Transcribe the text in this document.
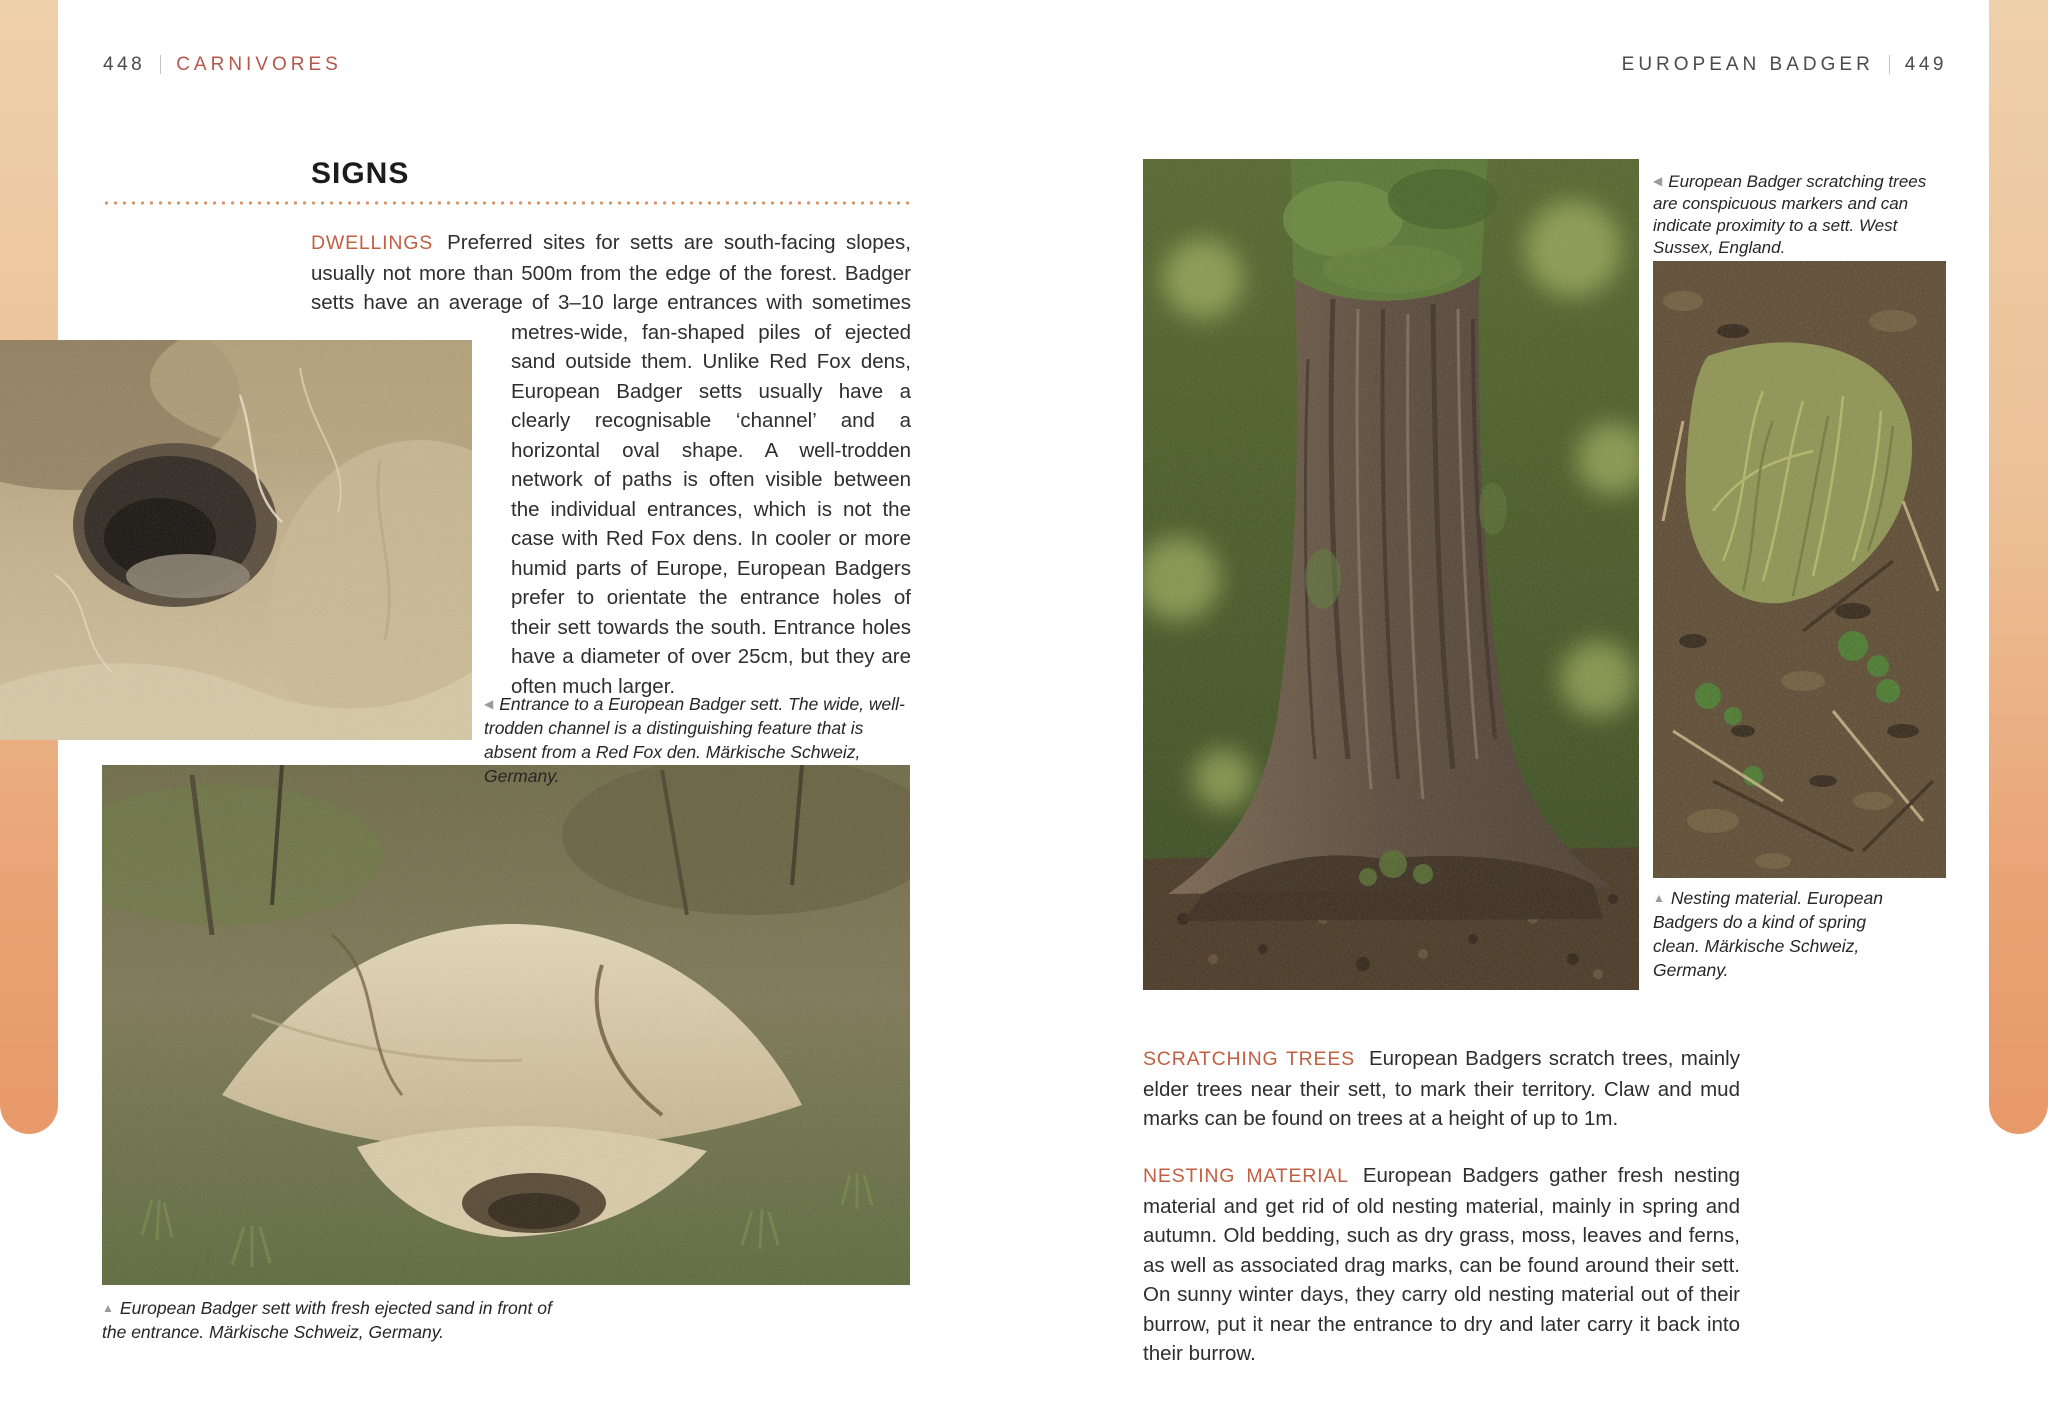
448 CARNIVORES	EUROPEAN BADGER 449
SIGNS

DWELLINGS Preferred sites for setts are south-facing slopes, usually not more than 500m from the edge of the forest. Badger setts have an average of 3–10 large entrances with sometimes metres-wide, fan-shaped piles of ejected sand outside them. Unlike Red Fox dens, European Badger setts usually have a clearly recognisable ‘channel’ and a horizontal oval shape. A well-trodden network of paths is often visible between the individual entrances, which is not the case with Red Fox dens. In cooler or more humid parts of Europe, European Badgers prefer to orientate the entrance holes of their sett towards the south. Entrance holes have a diameter of over 25cm, but they are often much larger.

◀ Entrance to a European Badger sett. The wide, well-trodden channel is a distinguishing feature that is absent from a Red Fox den. Märkische Schweiz, Germany.
▲ European Badger sett with fresh ejected sand in front of the entrance. Märkische Schweiz, Germany.
◀ European Badger scratching trees are conspicuous markers and can indicate proximity to a sett. West Sussex, England.
▲ Nesting material. European Badgers do a kind of spring clean. Märkische Schweiz, Germany.

SCRATCHING TREES European Badgers scratch trees, mainly elder trees near their sett, to mark their territory. Claw and mud marks can be found on trees at a height of up to 1m.

NESTING MATERIAL European Badgers gather fresh nesting material and get rid of old nesting material, mainly in spring and autumn. Old bedding, such as dry grass, moss, leaves and ferns, as well as associated drag marks, can be found around their sett. On sunny winter days, they carry old nesting material out of their burrow, put it near the entrance to dry and later carry it back into their burrow.
